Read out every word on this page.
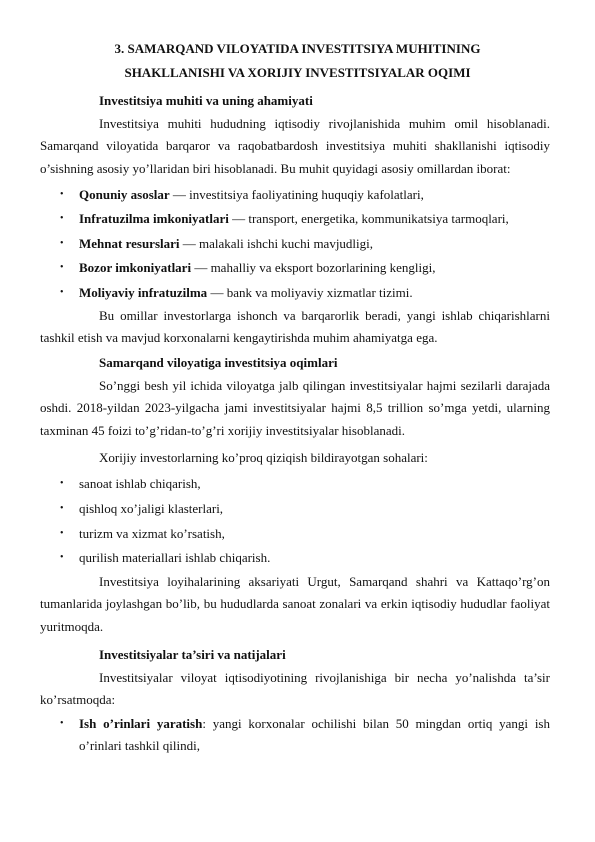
3. SAMARQAND VILOYATIDA INVESTITSIYA MUHITINING
SHAKLLANISHI VA XORIJIY INVESTITSIYALAR OQIMI
Investitsiya muhiti va uning ahamiyati
Investitsiya muhiti hududning iqtisodiy rivojlanishida muhim omil hisoblanadi. Samarqand viloyatida barqaror va raqobatbardosh investitsiya muhiti shakllanishi iqtisodiy o’sishning asosiy yo’llaridan biri hisoblanadi. Bu muhit quyidagi asosiy omillardan iborat:
•	Qonuniy asoslar — investitsiya faoliyatining huquqiy kafolatlari,
•	Infratuzilma imkoniyatlari — transport, energetika, kommunikatsiya tarmoqlari,
•	Mehnat resurslari — malakali ishchi kuchi mavjudligi,
•	Bozor imkoniyatlari — mahalliy va eksport bozorlarining kengligi,
•	Moliyaviy infratuzilma — bank va moliyaviy xizmatlar tizimi.
Bu omillar investorlarga ishonch va barqarorlik beradi, yangi ishlab chiqarishlarni tashkil etish va mavjud korxonalarni kengaytirishda muhim ahamiyatga ega.
Samarqand viloyatiga investitsiya oqimlari
So’nggi besh yil ichida viloyatga jalb qilingan investitsiyalar hajmi sezilarli darajada oshdi. 2018-yildan 2023-yilgacha jami investitsiyalar hajmi 8,5 trillion so’mga yetdi, ularning taxminan 45 foizi to’g’ridan-to’g’ri xorijiy investitsiyalar hisoblanadi.
Xorijiy investorlarning ko’proq qiziqish bildirayotgan sohalari:
•	sanoat ishlab chiqarish,
•	qishloq xo’jaligi klasterlari,
•	turizm va xizmat ko’rsatish,
•	qurilish materiallari ishlab chiqarish.
Investitsiya loyihalarining aksariyati Urgut, Samarqand shahri va Kattaqo’rg’on tumanlarida joylashgan bo’lib, bu hududlarda sanoat zonalari va erkin iqtisodiy hududlar faoliyat yuritmoqda.
Investitsiyalar ta’siri va natijalari
Investitsiyalar viloyat iqtisodiyotining rivojlanishiga bir necha yo’nalishda ta’sir ko’rsatmoqda:
•	Ish o’rinlari yaratish: yangi korxonalar ochilishi bilan 50 mingdan ortiq yangi ish o’rinlari tashkil qilindi,
